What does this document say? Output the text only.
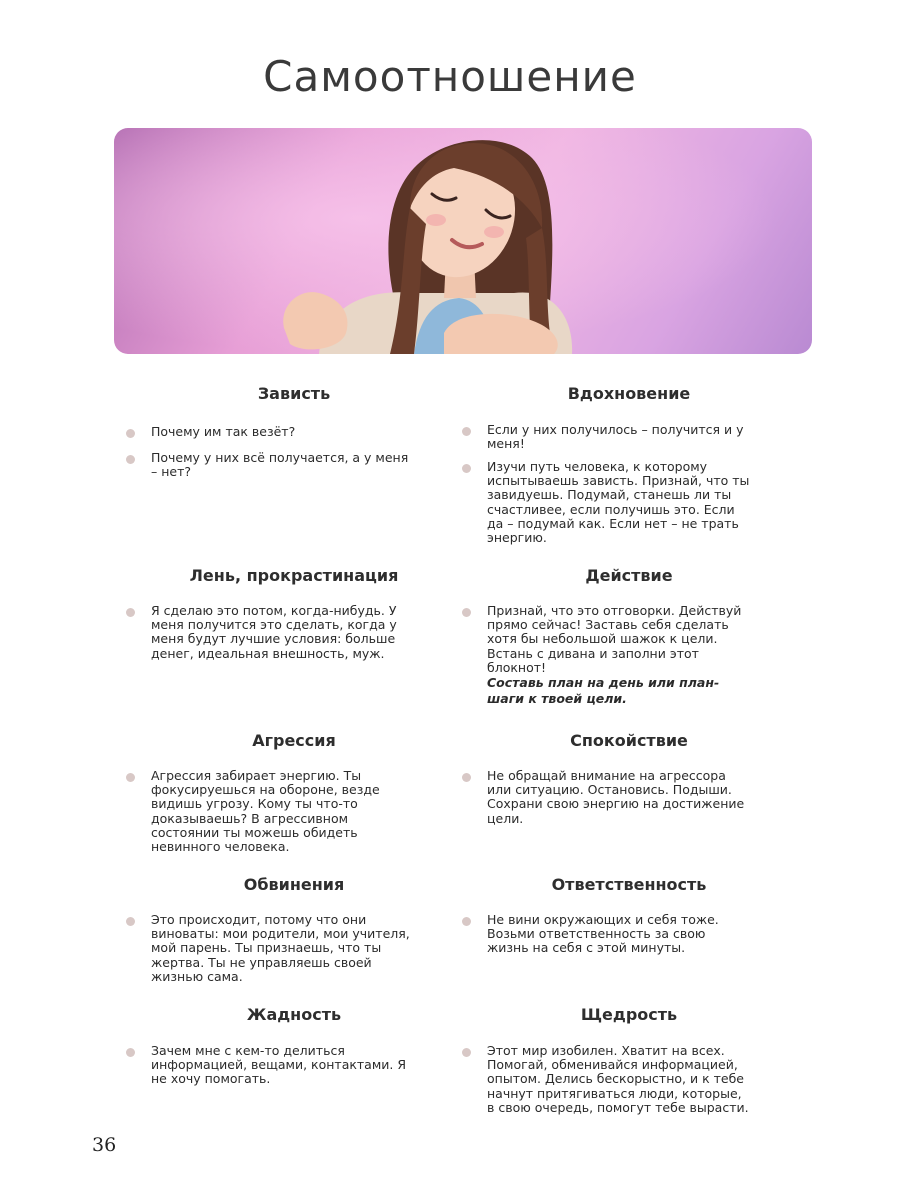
Самоотношение
Зависть
Почему им так везёт?
Почему у них всё получается, а у меня – нет?
Лень, прокрастинация
Я сделаю это потом, когда-нибудь. У меня получится это сделать, когда у меня будут лучшие условия: больше денег, идеальная внешность, муж.
Агрессия
Агрессия забирает энергию. Ты фокусируешься на обороне, везде видишь угрозу. Кому ты что-то доказываешь? В агрессивном состоянии ты можешь обидеть невинного человека.
Обвинения
Это происходит, потому что они виноваты: мои родители, мои учителя, мой парень. Ты признаешь, что ты жертва. Ты не управляешь своей жизнью сама.
Жадность
Зачем мне с кем-то делиться информацией, вещами, контактами. Я не хочу помогать.
Вдохновение
Если у них получилось – получится и у меня!
Изучи путь человека, к которому испытываешь зависть. Признай, что ты завидуешь. Подумай, станешь ли ты счастливее, если получишь это. Если да – подумай как. Если нет – не трать энергию.
Действие
Признай, что это отговорки. Действуй прямо сейчас! Заставь себя сделать хотя бы небольшой шажок к цели. Встань с дивана и заполни этот блокнот!
Составь план на день или план-шаги к твоей цели.
Спокойствие
Не обращай внимание на агрессора или ситуацию. Остановись. Подыши. Сохрани свою энергию на достижение цели.
Ответственность
Не вини окружающих и себя тоже. Возьми ответственность за свою жизнь на себя с этой минуты.
Щедрость
Этот мир изобилен. Хватит на всех. Помогай, обменивайся информацией, опытом. Делись бескорыстно, и к тебе начнут притягиваться люди, которые, в свою очередь, помогут тебе вырасти.
36
